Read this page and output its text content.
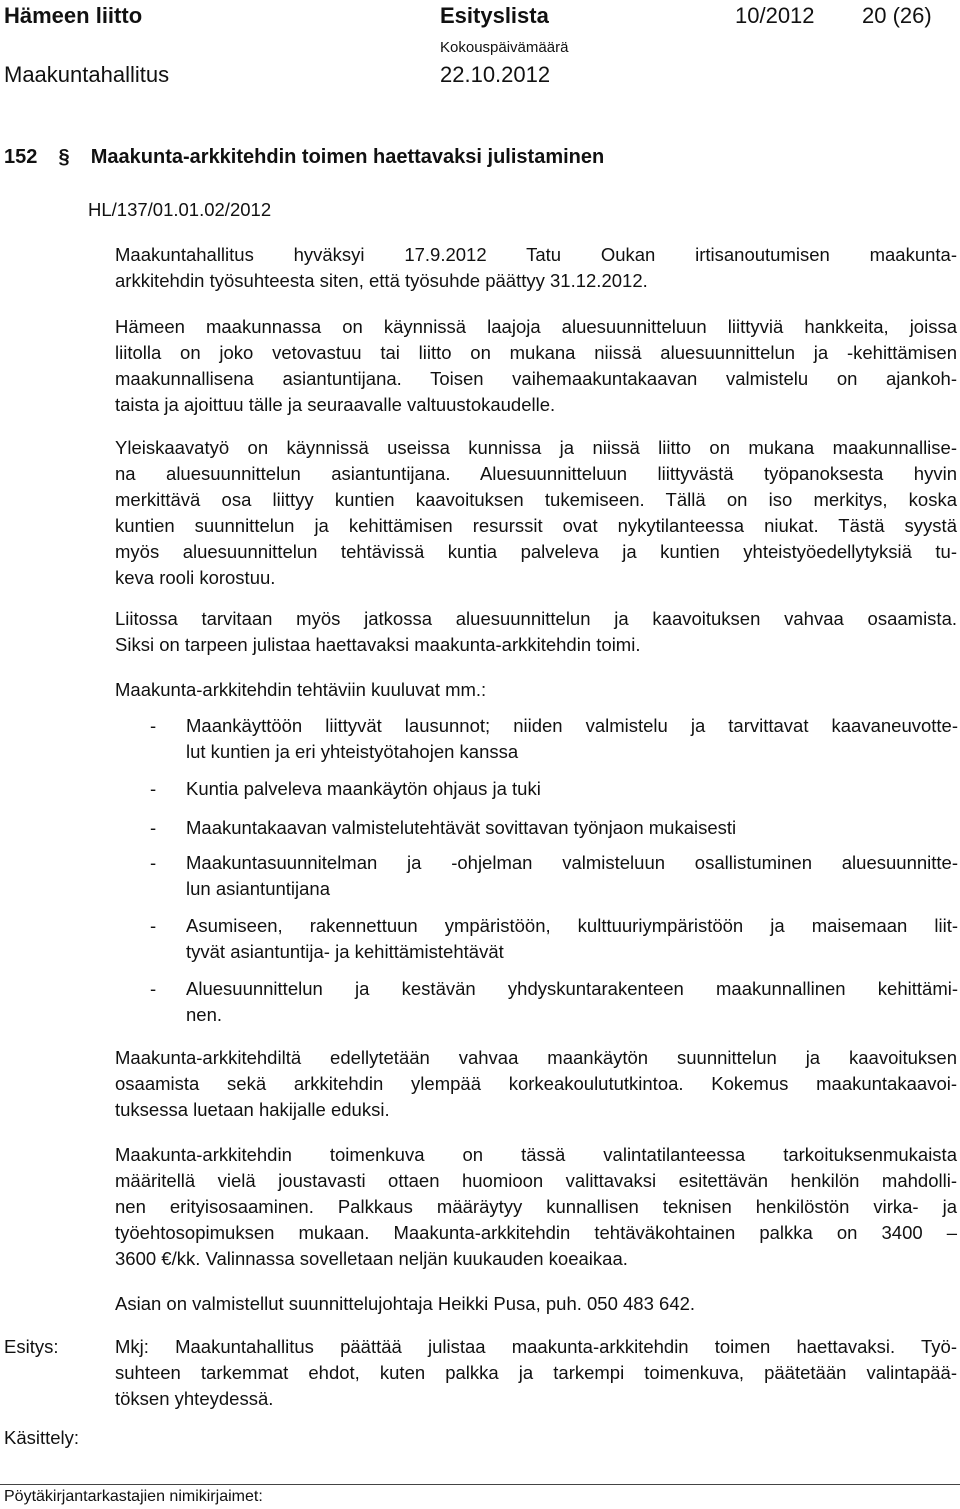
Hämeen liitto	Esityslista	10/2012 20 (26)
Maakuntahallitus
Kokouspäivämäärä
22.10.2012
152 § Maakunta-arkkitehdin toimen haettavaksi julistaminen
HL/137/01.01.02/2012
Maakuntahallitus hyväksyi 17.9.2012 Tatu Oukan irtisanoutumisen maakunta-
arkkitehdin työsuhteesta siten, että työsuhde päättyy 31.12.2012.
Hämeen maakunnassa on käynnissä laajoja aluesuunnitteluun liittyviä hankkeita, joissa
liitolla on joko vetovastuu tai liitto on mukana niissä aluesuunnittelun ja -kehittämisen
maakunnallisena asiantuntijana. Toisen vaihemaakuntakaavan valmistelu on ajankoh-
taista ja ajoittuu tälle ja seuraavalle valtuustokaudelle.
Yleiskaavatyö on käynnissä useissa kunnissa ja niissä liitto on mukana maakunnallise-
na aluesuunnittelun asiantuntijana. Aluesuunnitteluun liittyvästä työpanoksesta hyvin
merkittävä osa liittyy kuntien kaavoituksen tukemiseen. Tällä on iso merkitys, koska
kuntien suunnittelun ja kehittämisen resurssit ovat nykytilanteessa niukat. Tästä syystä
myös aluesuunnittelun tehtävissä kuntia palveleva ja kuntien yhteistyöedellytyksiä tu-
keva rooli korostuu.
Liitossa tarvitaan myös jatkossa aluesuunnittelun ja kaavoituksen vahvaa osaamista.
Siksi on tarpeen julistaa haettavaksi maakunta-arkkitehdin toimi.
Maakunta-arkkitehdin tehtäviin kuuluvat mm.:
- Maankäyttöön liittyvät lausunnot; niiden valmistelu ja tarvittavat kaavaneuvotte-
lut kuntien ja eri yhteistyötahojen kanssa
- Kuntia palveleva maankäytön ohjaus ja tuki
- Maakuntakaavan valmistelutehtävät sovittavan työnjaon mukaisesti
- Maakuntasuunnitelman ja -ohjelman valmisteluun osallistuminen aluesuunnitte-
lun asiantuntijana
- Asumiseen, rakennettuun ympäristöön, kulttuuriympäristöön ja maisemaan liit-
tyvät asiantuntija- ja kehittämistehtävät
- Aluesuunnittelun ja kestävän yhdyskuntarakenteen maakunnallinen kehittämi-
nen.
Maakunta-arkkitehdiltä edellytetään vahvaa maankäytön suunnittelun ja kaavoituksen
osaamista sekä arkkitehdin ylempää korkeakoulututkintoa. Kokemus maakuntakaavoi-
tuksessa luetaan hakijalle eduksi.
Maakunta-arkkitehdin toimenkuva on tässä valintatilanteessa tarkoituksenmukaista
määritellä vielä joustavasti ottaen huomioon valittavaksi esitettävän henkilön mahdolli-
nen erityisosaaminen. Palkkaus määräytyy kunnallisen teknisen henkilöstön virka- ja
työehtosopimuksen mukaan. Maakunta-arkkitehdin tehtäväkohtainen palkka on 3400 –
3600 €/kk. Valinnassa sovelletaan neljän kuukauden koeaikaa.
Asian on valmistellut suunnittelujohtaja Heikki Pusa, puh. 050 483 642.
Esitys:	Mkj: Maakuntahallitus päättää julistaa maakunta-arkkitehdin toimen haettavaksi. Työ-
suhteen tarkemmat ehdot, kuten palkka ja tarkempi toimenkuva, päätetään valintapää-
töksen yhteydessä.
Käsittely:
Pöytäkirjantarkastajien nimikirjaimet:
